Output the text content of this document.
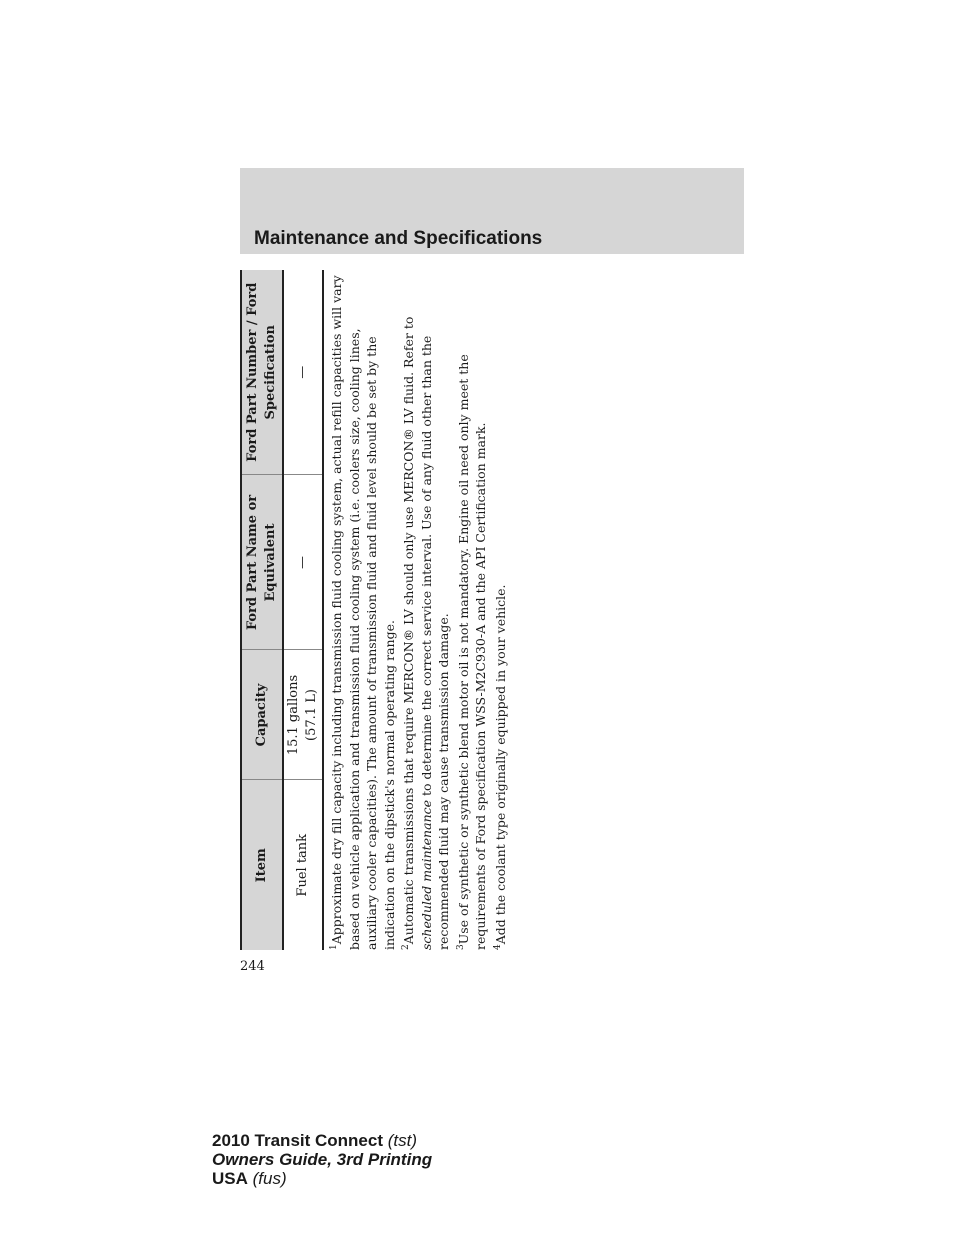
Maintenance and Specifications
Item	Capacity	Ford Part Name or Equivalent	Ford Part Number / Ford Specification
Fuel tank	15.1 gallons (57.1 L)	—	—

$^1$Approximate dry fill capacity including transmission fluid cooling system, actual refill capacities will vary based on vehicle application and transmission fluid cooling system (i.e. coolers size, cooling lines, auxiliary cooler capacities). The amount of transmission fluid and fluid level should be set by the indication on the dipstick's normal operating range. $^2$Automatic transmissions that require MERCON® LV should only use MERCON® LV fluid. Refer to scheduled maintenance to determine the correct service interval. Use of any fluid other than the recommended fluid may cause transmission damage. $^3$Use of synthetic or synthetic blend motor oil is not mandatory. Engine oil need only meet the requirements of Ford specification WSS-M2C930-A and the API Certification mark. $^4$Add the coolant type originally equipped in your vehicle.

244
2010 Transit Connect (tst)
Owners Guide, 3rd Printing
USA (fus)
